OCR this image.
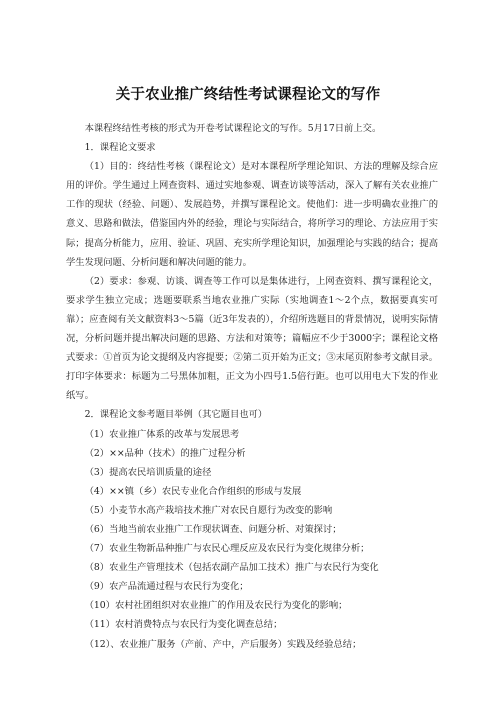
关于农业推广终结性考试课程论文的写作

本课程终结性考核的形式为开卷考试课程论文的写作。5月17日前上交。

1．课程论文要求

（1）目的：终结性考核（课程论文）是对本课程所学理论知识、方法的理解及综合应用的评价。学生通过上网查资料、通过实地参观、调查访谈等活动，深入了解有关农业推广工作的现状（经验、问题）、发展趋势，并撰写课程论文。使他们：进一步明确农业推广的意义、思路和做法，借鉴国内外的经验，理论与实际结合，将所学习的理论、方法应用于实际；提高分析能力，应用、验证、巩固、充实所学理论知识，加强理论与实践的结合；提高学生发现问题、分析问题和解决问题的能力。

（2）要求：参观、访谈、调查等工作可以是集体进行，上网查资料、撰写课程论文，要求学生独立完成；选题要联系当地农业推广实际（实地调查1～2个点，数据要真实可靠）；应查阅有关文献资料3～5篇（近3年发表的），介绍所选题目的背景情况，说明实际情况，分析问题并提出解决问题的思路、方法和对策等；篇幅应不少于3000字；课程论文格式要求：①首页为论文提纲及内容提要；②第二页开始为正文；③末尾页附参考文献目录。打印字体要求：标题为二号黑体加粗，正文为小四号1.5倍行距。也可以用电大下发的作业纸写。

2．课程论文参考题目举例（其它题目也可）

（1）农业推广体系的改革与发展思考

（2）××品种（技术）的推广过程分析

（3）提高农民培训质量的途径

（4）××镇（乡）农民专业化合作组织的形成与发展

（5）小麦节水高产栽培技术推广对农民自愿行为改变的影响

（6）当地当前农业推广工作现状调查、问题分析、对策探讨；

（7）农业生物新品种推广与农民心理反应及农民行为变化规律分析；

（8）农业生产管理技术（包括农副产品加工技术）推广与农民行为变化

（9）农产品流通过程与农民行为变化；

（10）农村社团组织对农业推广的作用及农民行为变化的影响；

（11）农村消费特点与农民行为变化调查总结；

（12）、农业推广服务（产前、产中，产后服务）实践及经验总结；
